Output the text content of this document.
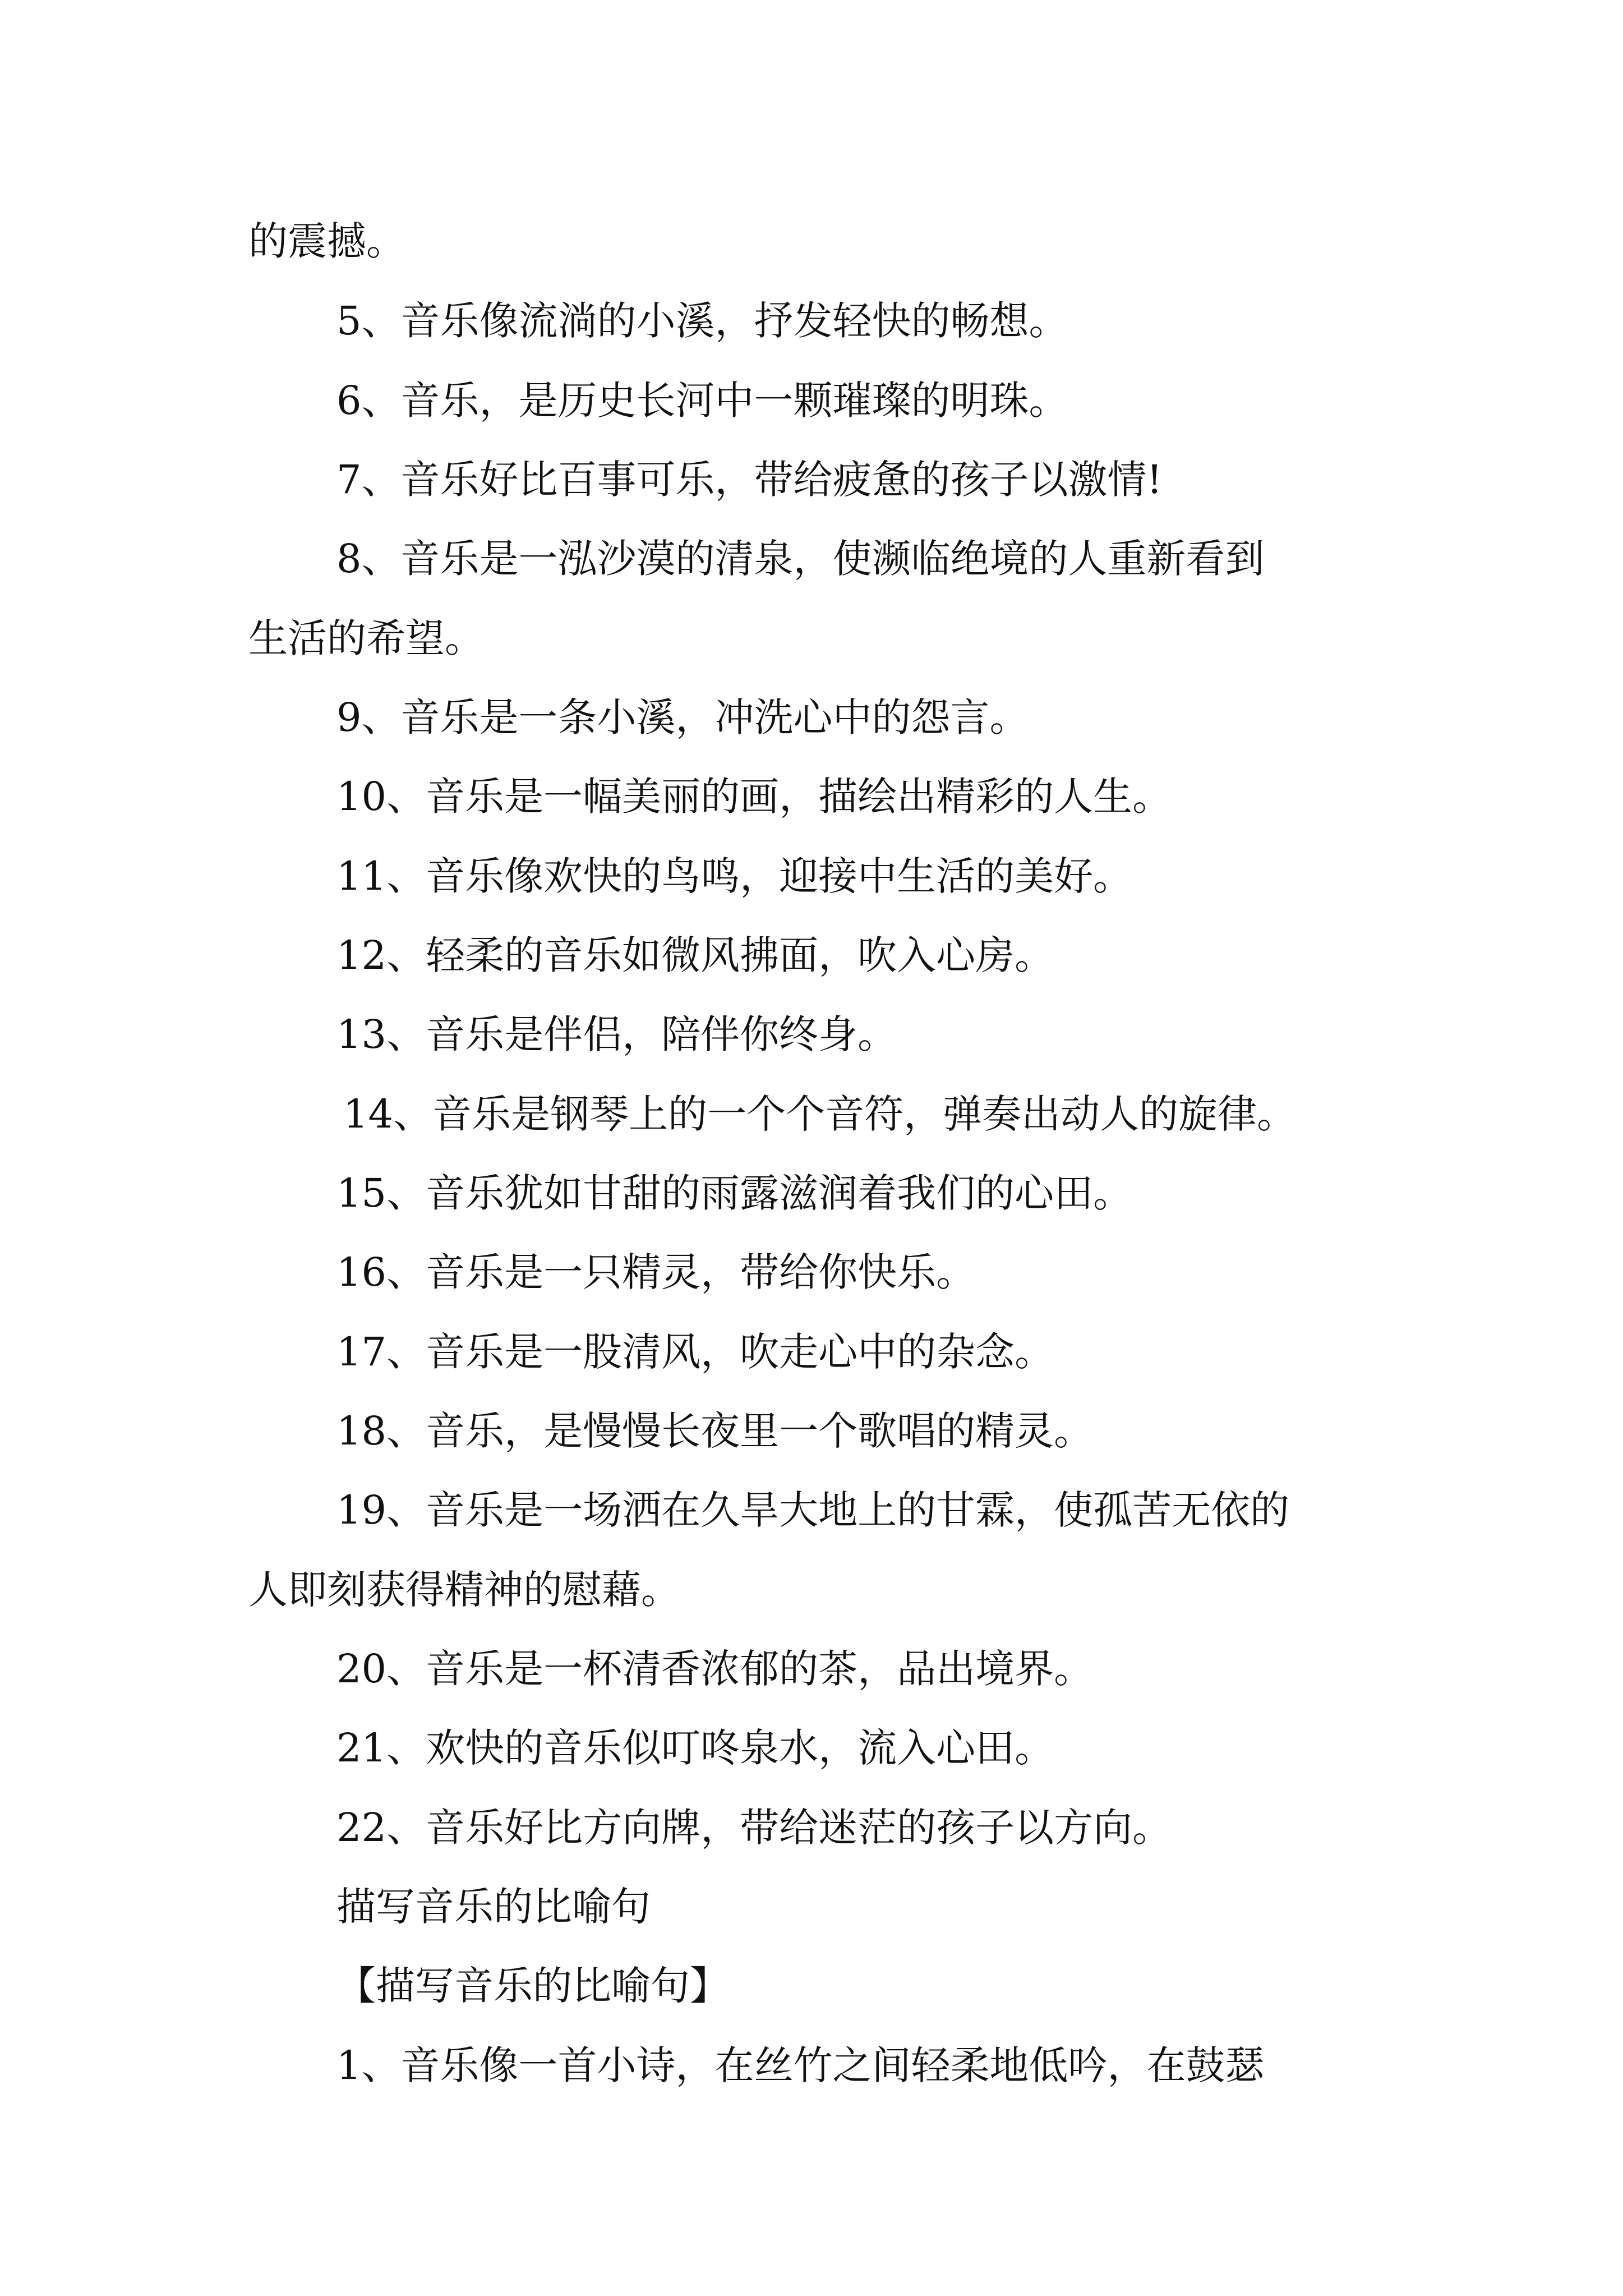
的震撼。
5、音乐像流淌的小溪，抒发轻快的畅想。
6、音乐，是历史长河中一颗璀璨的明珠。
7、音乐好比百事可乐，带给疲惫的孩子以激情!
8、音乐是一泓沙漠的清泉，使濒临绝境的人重新看到
生活的希望。
9、音乐是一条小溪，冲洗心中的怨言。
10、音乐是一幅美丽的画，描绘出精彩的人生。
11、音乐像欢快的鸟鸣，迎接中生活的美好。
12、轻柔的音乐如微风拂面，吹入心房。
13、音乐是伴侣，陪伴你终身。
14、音乐是钢琴上的一个个音符，弹奏出动人的旋律。
15、音乐犹如甘甜的雨露滋润着我们的心田。
16、音乐是一只精灵，带给你快乐。
17、音乐是一股清风，吹走心中的杂念。
18、音乐，是慢慢长夜里一个歌唱的精灵。
19、音乐是一场洒在久旱大地上的甘霖，使孤苦无依的
人即刻获得精神的慰藉。
20、音乐是一杯清香浓郁的茶，品出境界。
21、欢快的音乐似叮咚泉水，流入心田。
22、音乐好比方向牌，带给迷茫的孩子以方向。
描写音乐的比喻句
【描写音乐的比喻句】
1、音乐像一首小诗，在丝竹之间轻柔地低吟，在鼓瑟
